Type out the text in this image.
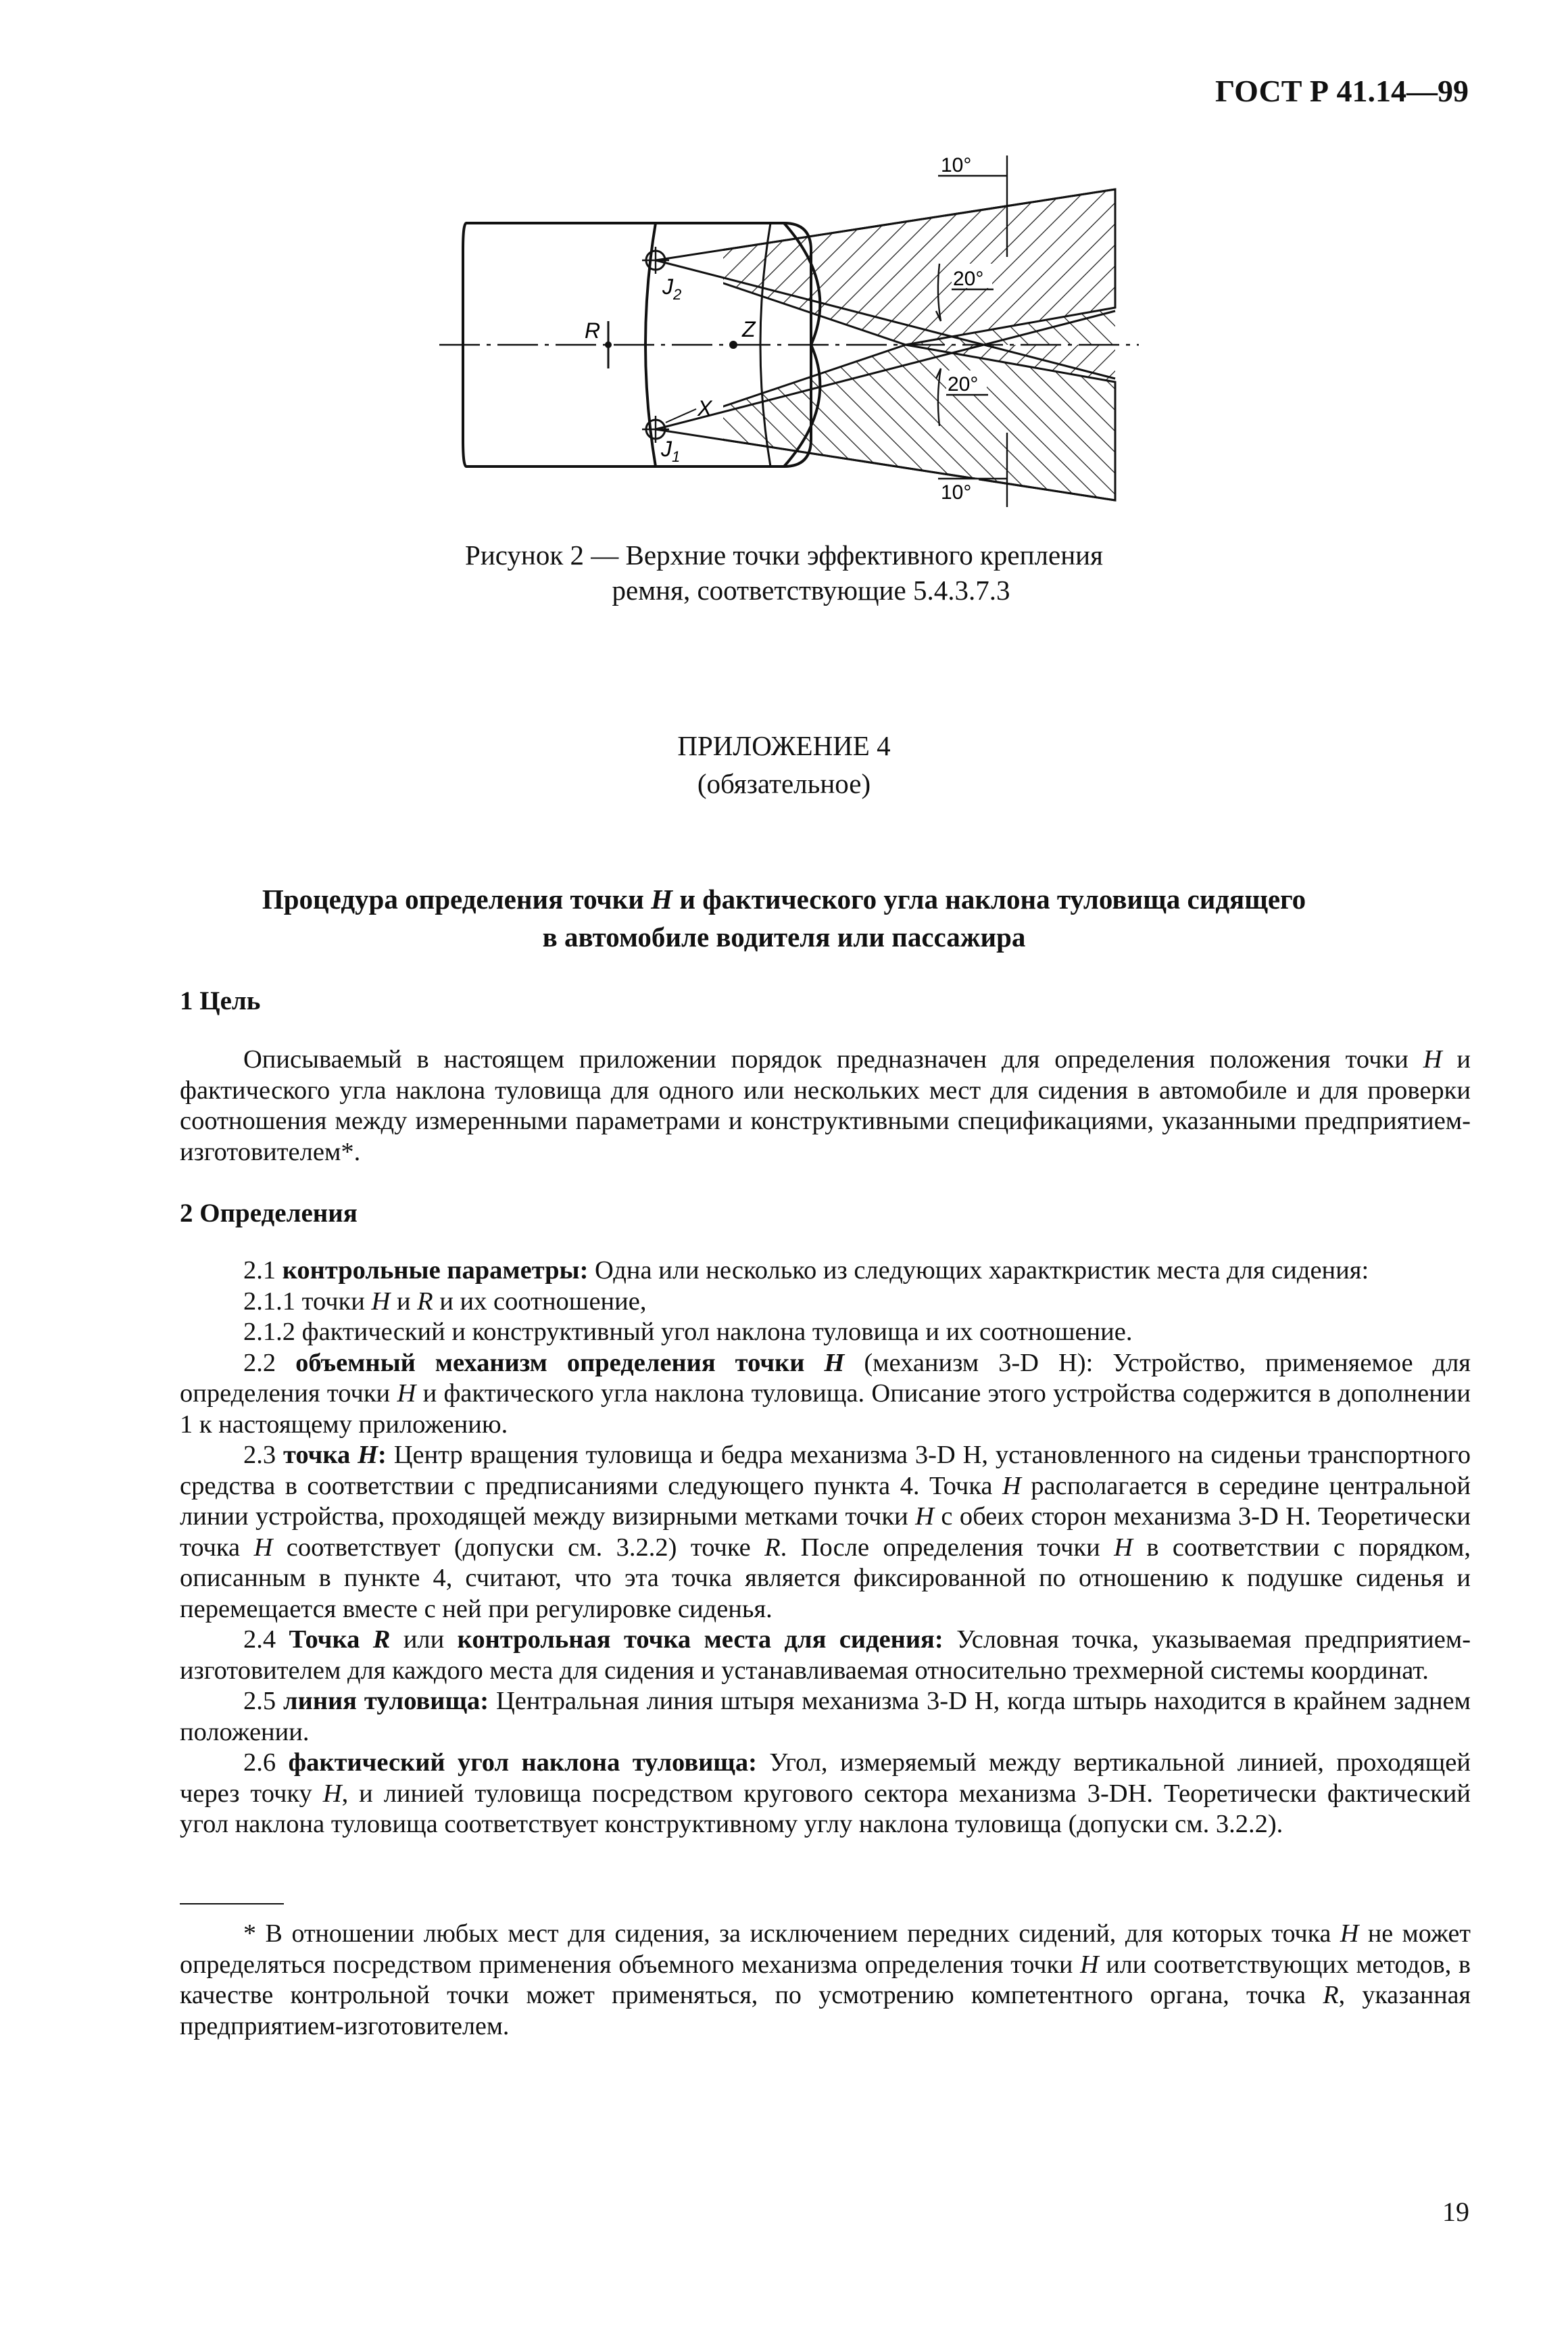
ГОСТ Р 41.14—99
10°
20°
20°
10°
R	Z
$J_2$
$J_1$
X
Рисунок 2 — Верхние точки эффективного крепления
ремня, соответствующие 5.4.3.7.3
ПРИЛОЖЕНИЕ 4
(обязательное)
Процедура определения точки H и фактического угла наклона туловища сидящего
в автомобиле водителя или пассажира

1 Цель

Описываемый в настоящем приложении порядок предназначен для определения положения точки H и фактического угла наклона туловища для одного или нескольких мест для сидения в автомобиле и для проверки соотношения между измеренными параметрами и конструктивными спецификациями, указанными предприятием-изготовителем*.

2 Определения

2.1 контрольные параметры: Одна или несколько из следующих характкристик места для сидения:

2.1.1 точки H и R и их соотношение,

2.1.2 фактический и конструктивный угол наклона туловища и их соотношение.

2.2 объемный механизм определения точки H (механизм 3-D H): Устройство, применяемое для определения точки H и фактического угла наклона туловища. Описание этого устройства содержится в дополнении 1 к настоящему приложению.

2.3 точка H: Центр вращения туловища и бедра механизма 3-D H, установленного на сиденьи транспортного средства в соответствии с предписаниями следующего пункта 4. Точка H располагается в середине центральной линии устройства, проходящей между визирными метками точки H с обеих сторон механизма 3-D H. Теоретически точка H соответствует (допуски см. 3.2.2) точке R. После определения точки H в соответствии с порядком, описанным в пункте 4, считают, что эта точка является фиксированной по отношению к подушке сиденья и перемещается вместе с ней при регулировке сиденья.

2.4 Точка R или контрольная точка места для сидения: Условная точка, указываемая предприятием-изготовителем для каждого места для сидения и устанавливаемая относительно трехмерной системы координат.

2.5 линия туловища: Центральная линия штыря механизма 3-D H, когда штырь находится в крайнем заднем положении.

2.6 фактический угол наклона туловища: Угол, измеряемый между вертикальной линией, проходящей через точку H, и линией туловища посредством кругового сектора механизма 3-DH. Теоретически фактический угол наклона туловища соответствует конструктивному углу наклона туловища (допуски см. 3.2.2).

* В отношении любых мест для сидения, за исключением передних сидений, для которых точка H не может определяться посредством применения объемного механизма определения точки H или соответствующих методов, в качестве контрольной точки может применяться, по усмотрению компетентного органа, точка R, указанная предприятием-изготовителем.

19
